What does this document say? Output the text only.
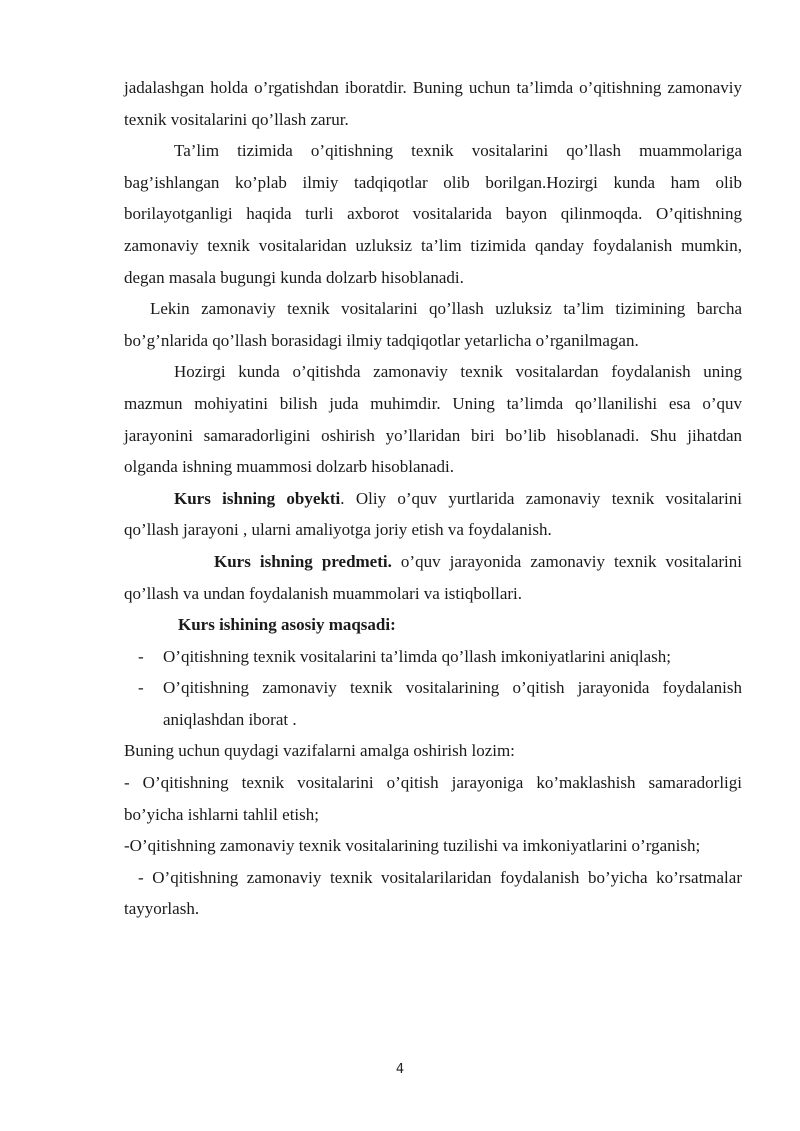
jadalashgan holda o’rgatishdan iboratdir. Buning uchun ta’limda o’qitishning zamonaviy texnik vositalarini qo’llash zarur.

Ta’lim tizimida o’qitishning texnik vositalarini qo’llash muammolariga bag’ishlangan ko’plab ilmiy tadqiqotlar olib borilgan.Hozirgi kunda ham olib borilayotganligi haqida turli axborot vositalarida bayon qilinmoqda. O’qitishning zamonaviy texnik vositalaridan uzluksiz ta’lim tizimida qanday foydalanish mumkin, degan masala bugungi kunda dolzarb hisoblanadi.

Lekin zamonaviy texnik vositalarini qo’llash uzluksiz ta’lim tizimining barcha bo’g’nlarida qo’llash borasidagi ilmiy tadqiqotlar yetarlicha o’rganilmagan.

Hozirgi kunda o’qitishda zamonaviy texnik vositalardan foydalanish uning mazmun mohiyatini bilish juda muhimdir. Uning ta’limda qo’llanilishi esa o’quv jarayonini samaradorligini oshirish yo’llaridan biri bo’lib hisoblanadi. Shu jihatdan olganda ishning muammosi dolzarb hisoblanadi.

Kurs ishning obyekti. Oliy o’quv yurtlarida zamonaviy texnik vositalarini qo’llash jarayoni , ularni amaliyotga joriy etish va foydalanish.

Kurs ishning predmeti. o’quv jarayonida zamonaviy texnik vositalarini qo’llash va undan foydalanish muammolari va istiqbollari.

Kurs ishining asosiy maqsadi:
- O’qitishning texnik vositalarini ta’limda qo’llash imkoniyatlarini aniqlash;
- O’qitishning zamonaviy texnik vositalarining o’qitish jarayonida foydalanish aniqlashdan iborat .

Buning uchun quydagi vazifalarni amalga oshirish lozim:

- O’qitishning texnik vositalarini o’qitish jarayoniga ko’maklashish samaradorligi bo’yicha ishlarni tahlil etish;

-O’qitishning zamonaviy texnik vositalarining tuzilishi va imkoniyatlarini o’rganish;

- O’qitishning zamonaviy texnik vositalarilaridan foydalanish bo’yicha ko’rsatmalar tayyorlash.

4
